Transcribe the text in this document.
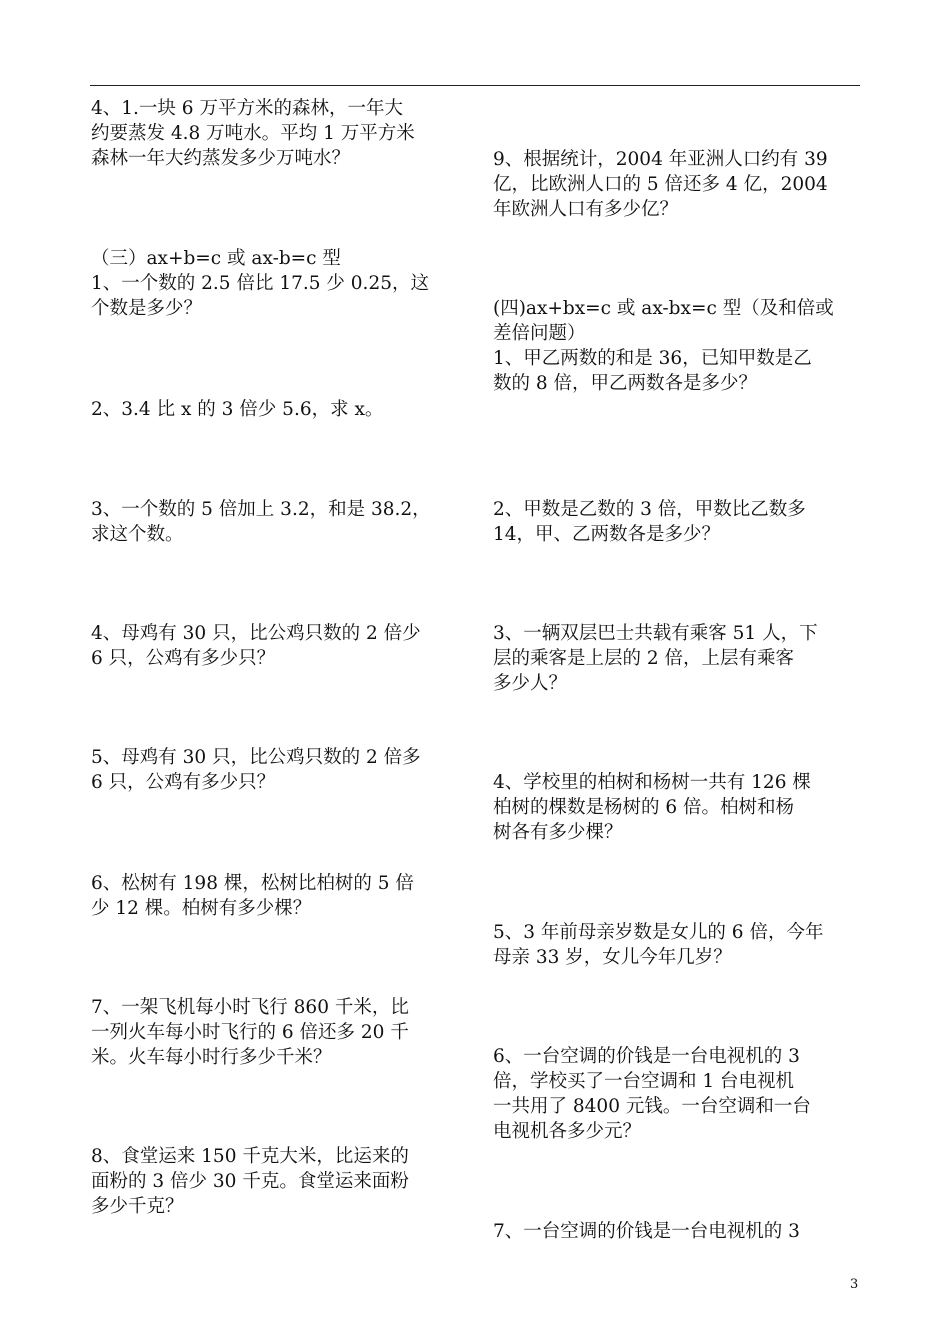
4、1.一块 6 万平方米的森林，一年大
约要蒸发 4.8 万吨水。平均 1 万平方米
森林一年大约蒸发多少万吨水？
（三）ax+b=c 或 ax-b=c 型
1、一个数的 2.5 倍比 17.5 少 0.25，这
个数是多少？
2、3.4 比 x 的 3 倍少 5.6，求 x。
3、一个数的 5 倍加上 3.2，和是 38.2，
求这个数。
4、母鸡有 30 只，比公鸡只数的 2 倍少
6 只，公鸡有多少只？
5、母鸡有 30 只，比公鸡只数的 2 倍多
6 只，公鸡有多少只？
6、松树有 198 棵，松树比柏树的 5 倍
少 12 棵。柏树有多少棵？
7、一架飞机每小时飞行 860 千米，比
一列火车每小时飞行的 6 倍还多 20 千
米。火车每小时行多少千米？
8、食堂运来 150 千克大米，比运来的
面粉的 3 倍少 30 千克。食堂运来面粉
多少千克？
9、根据统计，2004 年亚洲人口约有 39
亿，比欧洲人口的 5 倍还多 4 亿，2004
年欧洲人口有多少亿？
(四)ax+bx=c 或 ax-bx=c 型（及和倍或
差倍问题）
1、甲乙两数的和是 36，已知甲数是乙
数的 8 倍，甲乙两数各是多少？
2、甲数是乙数的 3 倍，甲数比乙数多
14，甲、乙两数各是多少？
3、一辆双层巴士共载有乘客 51 人，下
层的乘客是上层的 2 倍，上层有乘客
多少人？
4、学校里的柏树和杨树一共有 126 棵
柏树的棵数是杨树的 6 倍。柏树和杨
树各有多少棵？
5、3 年前母亲岁数是女儿的 6 倍，今年
母亲 33 岁，女儿今年几岁？
6、一台空调的价钱是一台电视机的 3
倍，学校买了一台空调和 1 台电视机
一共用了 8400 元钱。一台空调和一台
电视机各多少元？
7、一台空调的价钱是一台电视机的 3
3
